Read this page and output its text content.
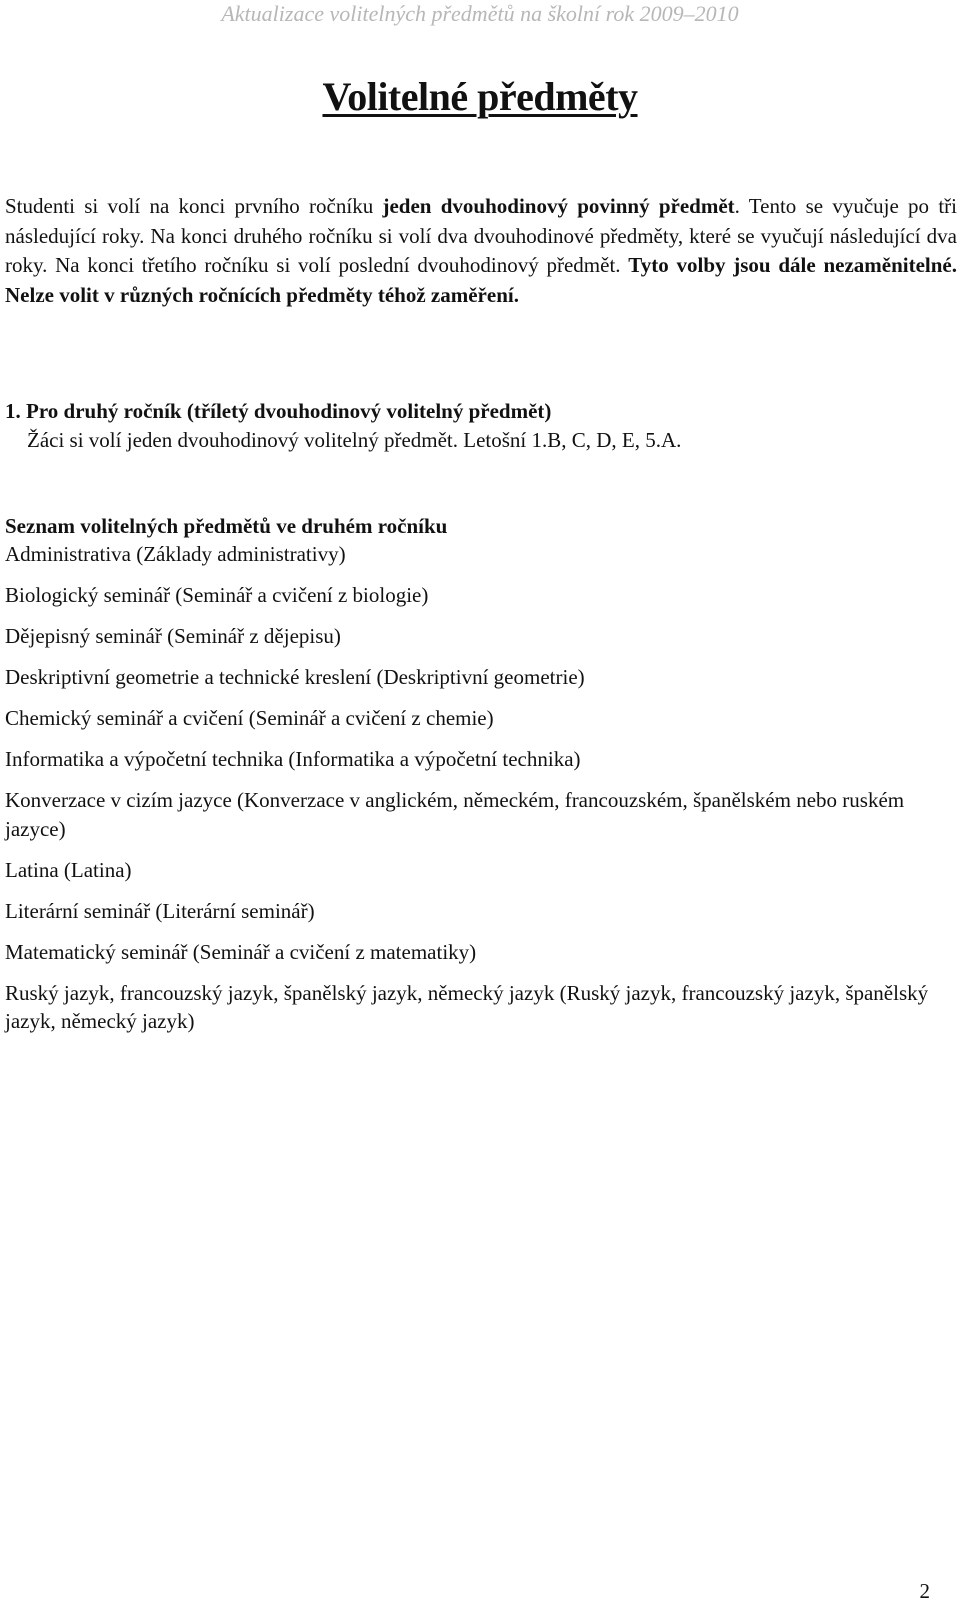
Aktualizace volitelných předmětů na školní rok 2009–2010
Volitelné předměty

Studenti si volí na konci prvního ročníku jeden dvouhodinový povinný předmět. Tento se vyučuje po tři následující roky. Na konci druhého ročníku si volí dva dvouhodinové předměty, které se vyučují následující dva roky. Na konci třetího ročníku si volí poslední dvouhodinový předmět. Tyto volby jsou dále nezaměnitelné. Nelze volit v různých ročnících předměty téhož zaměření.

1. Pro druhý ročník (tříletý dvouhodinový volitelný předmět)
Žáci si volí jeden dvouhodinový volitelný předmět. Letošní 1.B, C, D, E, 5.A.
Seznam volitelných předmětů ve druhém ročníku
Administrativa (Základy administrativy)
Biologický seminář (Seminář a cvičení z biologie)
Dějepisný seminář (Seminář z dějepisu)
Deskriptivní geometrie a technické kreslení (Deskriptivní geometrie)
Chemický seminář a cvičení (Seminář a cvičení z chemie)
Informatika a výpočetní technika (Informatika a výpočetní technika)
Konverzace v cizím jazyce (Konverzace v anglickém, německém, francouzském, španělském nebo ruském jazyce)
Latina (Latina)
Literární seminář (Literární seminář)
Matematický seminář (Seminář a cvičení z matematiky)
Ruský jazyk, francouzský jazyk, španělský jazyk, německý jazyk (Ruský jazyk, francouzský jazyk, španělský jazyk, německý jazyk)
2
